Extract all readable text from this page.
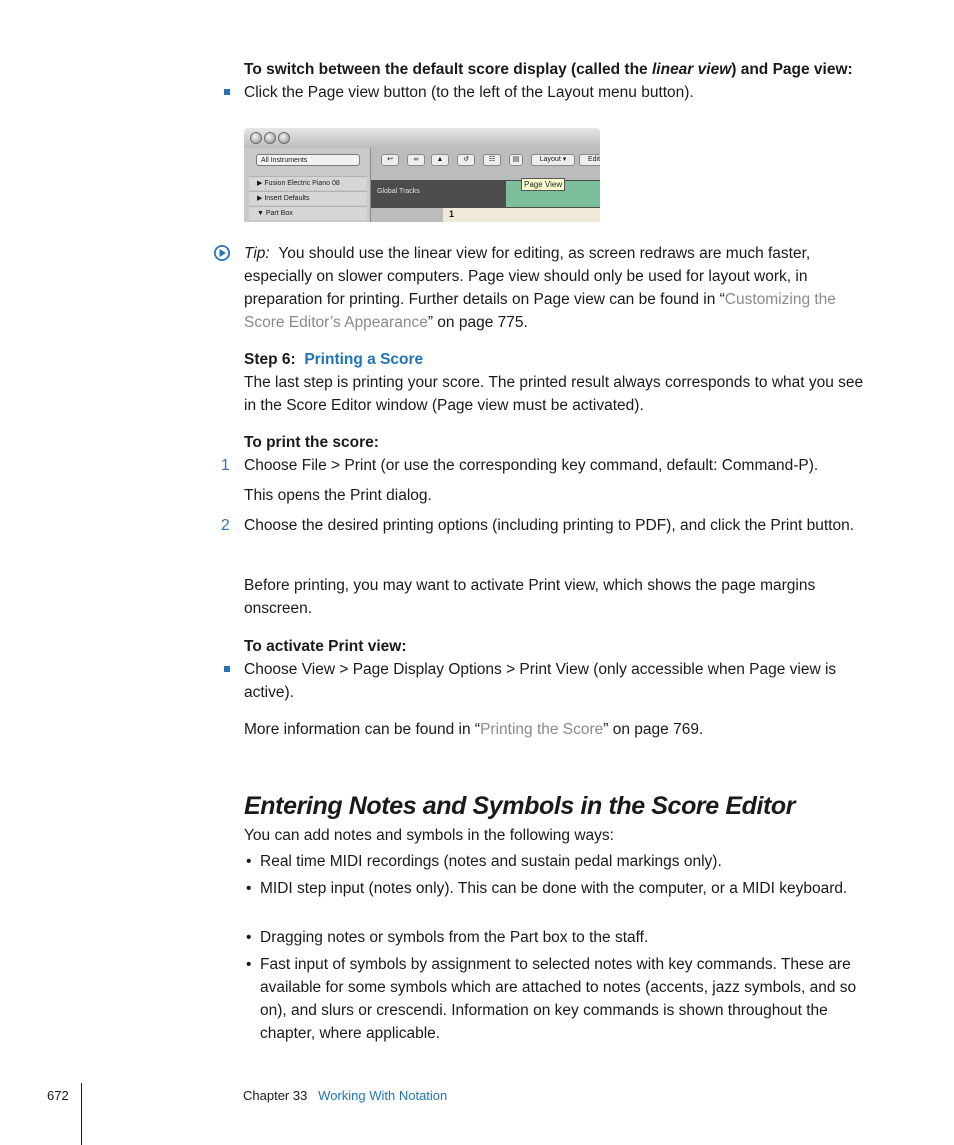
To switch between the default score display (called the linear view) and Page view:
Click the Page view button (to the left of the Layout menu button).
All Instruments
▶ Fusion Electric Piano 08
▶ Insert Defaults
▼ Part Box
↩	∞	▲	↺	☷	▤	Layout ▾	Edit
Global Tracks
1
Page View
Tip: You should use the linear view for editing, as screen redraws are much faster, especially on slower computers. Page view should only be used for layout work, in preparation for printing. Further details on Page view can be found in “Customizing the Score Editor’s Appearance” on page 775.
Step 6: Printing a Score
The last step is printing your score. The printed result always corresponds to what you see in the Score Editor window (Page view must be activated).
To print the score:
1 Choose File > Print (or use the corresponding key command, default: Command-P).
This opens the Print dialog.
2 Choose the desired printing options (including printing to PDF), and click the Print button.
Before printing, you may want to activate Print view, which shows the page margins onscreen.
To activate Print view:
Choose View > Page Display Options > Print View (only accessible when Page view is active).
More information can be found in “Printing the Score” on page 769.
Entering Notes and Symbols in the Score Editor
You can add notes and symbols in the following ways:
• Real time MIDI recordings (notes and sustain pedal markings only).
• MIDI step input (notes only). This can be done with the computer, or a MIDI keyboard.
• Dragging notes or symbols from the Part box to the staff.
• Fast input of symbols by assignment to selected notes with key commands. These are available for some symbols which are attached to notes (accents, jazz symbols, and so on), and slurs or crescendi. Information on key commands is shown throughout the chapter, where applicable.
672	Chapter 33 Working With Notation
